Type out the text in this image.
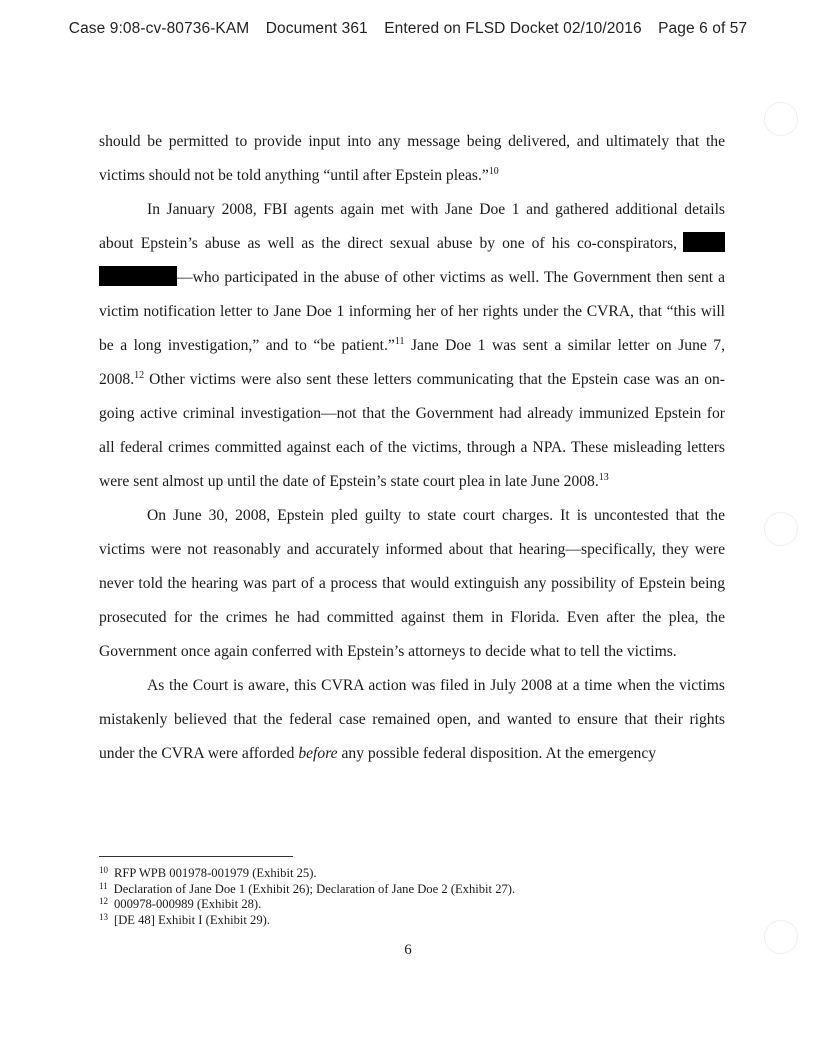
Case 9:08-cv-80736-KAM Document 361 Entered on FLSD Docket 02/10/2016 Page 6 of 57

should be permitted to provide input into any message being delivered, and ultimately that the victims should not be told anything “until after Epstein pleas.”$^{10}$

In January 2008, FBI agents again met with Jane Doe 1 and gathered additional details about Epstein’s abuse as well as the direct sexual abuse by one of his co-conspirators, —who participated in the abuse of other victims as well. The Government then sent a victim notification letter to Jane Doe 1 informing her of her rights under the CVRA, that “this will be a long investigation,” and to “be patient.”$^{11}$ Jane Doe 1 was sent a similar letter on June 7, 2008.12 Other victims were also sent these letters communicating that the Epstein case was an on-going active criminal investigation—not that the Government had already immunized Epstein for all federal crimes committed against each of the victims, through a NPA. These misleading letters were sent almost up until the date of Epstein’s state court plea in late June 2008.13

On June 30, 2008, Epstein pled guilty to state court charges. It is uncontested that the victims were not reasonably and accurately informed about that hearing—specifically, they were never told the hearing was part of a process that would extinguish any possibility of Epstein being prosecuted for the crimes he had committed against them in Florida. Even after the plea, the Government once again conferred with Epstein’s attorneys to decide what to tell the victims.

As the Court is aware, this CVRA action was filed in July 2008 at a time when the victims mistakenly believed that the federal case remained open, and wanted to ensure that their rights under the CVRA were afforded before any possible federal disposition. At the emergency

$^{10}$ RFP WPB 001978-001979 (Exhibit 25).
$^{11}$ Declaration of Jane Doe 1 (Exhibit 26); Declaration of Jane Doe 2 (Exhibit 27).
$^{12}$ 000978-000989 (Exhibit 28).
$^{13}$ [DE 48] Exhibit I (Exhibit 29).
6
